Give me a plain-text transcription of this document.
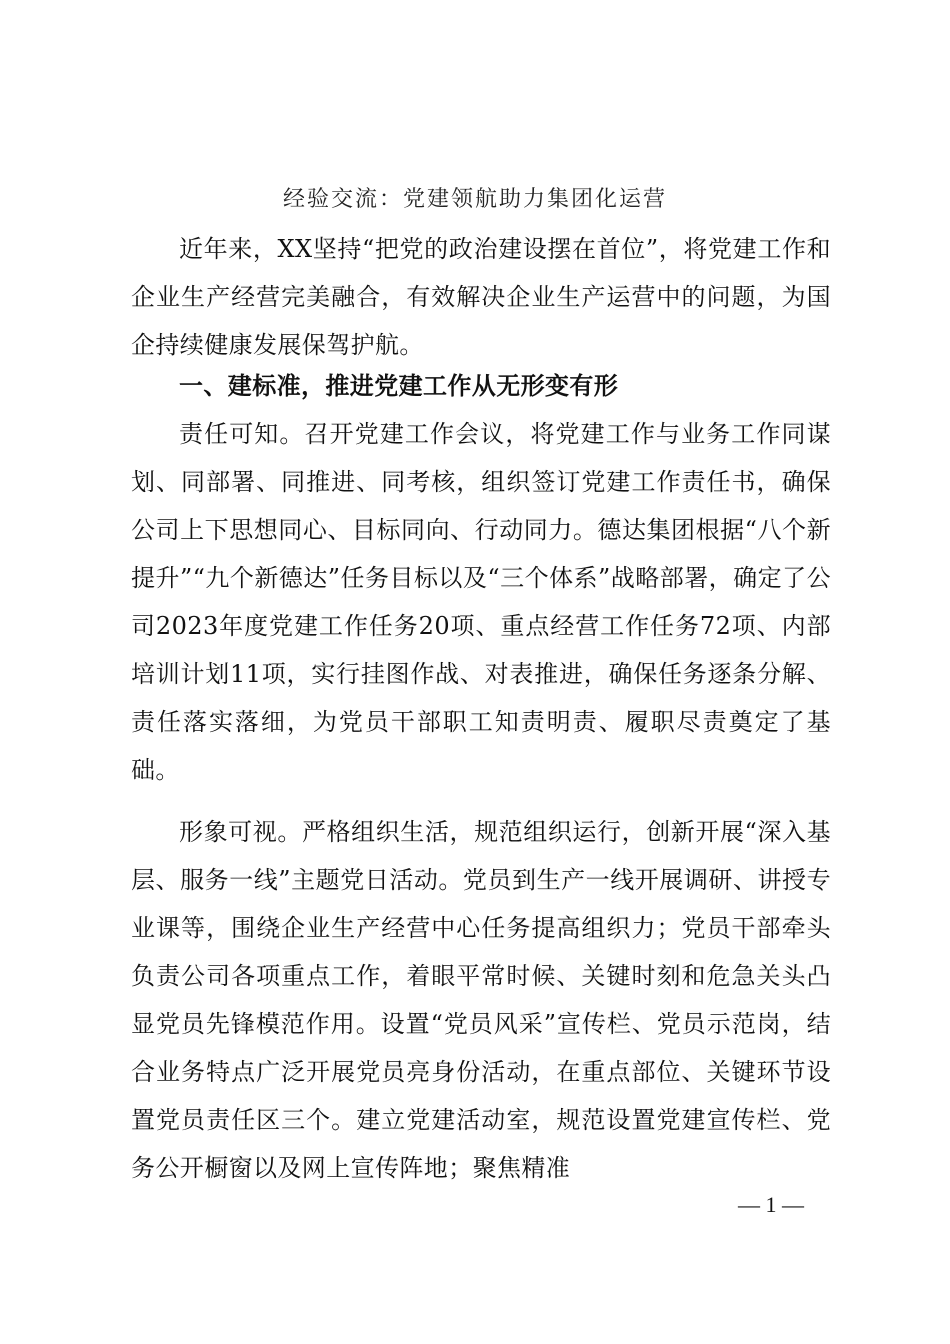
经验交流：党建领航助力集团化运营
近年来，XX坚持“把党的政治建设摆在首位”，将党建工作和企业生产经营完美融合，有效解决企业生产运营中的问题，为国企持续健康发展保驾护航。
一、建标准，推进党建工作从无形变有形
责任可知。召开党建工作会议，将党建工作与业务工作同谋划、同部署、同推进、同考核，组织签订党建工作责任书，确保公司上下思想同心、目标同向、行动同力。德达集团根据“八个新提升”“九个新德达”任务目标以及“三个体系”战略部署，确定了公司2023年度党建工作任务20项、重点经营工作任务72项、内部培训计划11项，实行挂图作战、对表推进，确保任务逐条分解、责任落实落细，为党员干部职工知责明责、履职尽责奠定了基础。
形象可视。严格组织生活，规范组织运行，创新开展“深入基层、服务一线”主题党日活动。党员到生产一线开展调研、讲授专业课等，围绕企业生产经营中心任务提高组织力；党员干部牵头负责公司各项重点工作，着眼平常时候、关键时刻和危急关头凸显党员先锋模范作用。设置“党员风采”宣传栏、党员示范岗，结合业务特点广泛开展党员亮身份活动，在重点部位、关键环节设置党员责任区三个。建立党建活动室，规范设置党建宣传栏、党务公开橱窗以及网上宣传阵地；聚焦精准
— 1 —
